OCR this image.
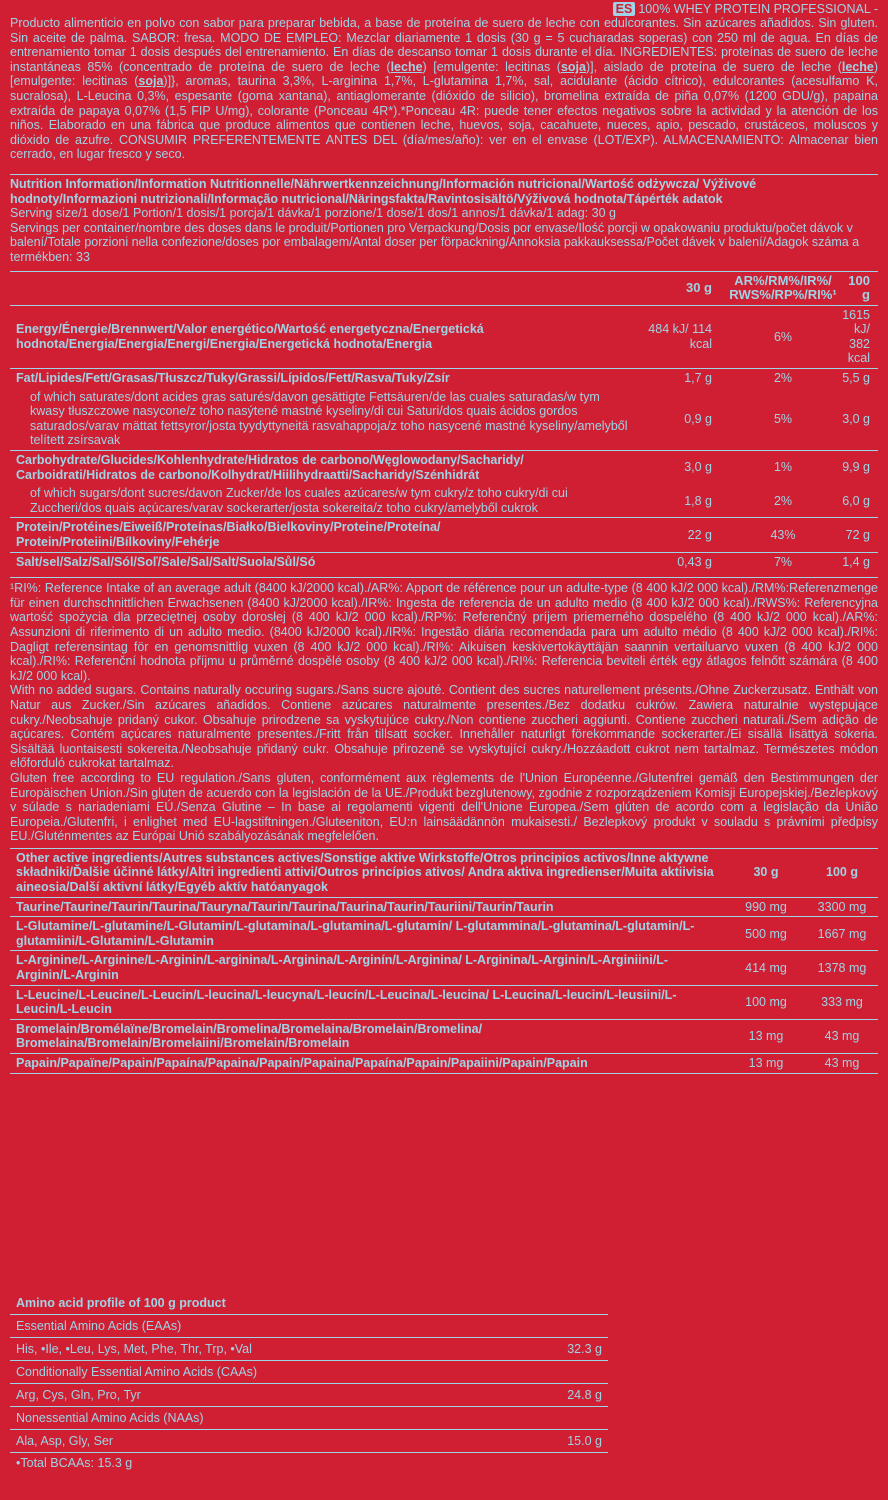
ES 100% WHEY PROTEIN PROFESSIONAL -
Producto alimenticio en polvo con sabor para preparar bebida, a base de proteína de suero de leche con edulcorantes. Sin azúcares añadidos. Sin gluten. Sin aceite de palma. SABOR: fresa. MODO DE EMPLEO: Mezclar diariamente 1 dosis (30 g = 5 cucharadas soperas) con 250 ml de agua. En días de entrenamiento tomar 1 dosis después del entrenamiento. En días de descanso tomar 1 dosis durante el día. INGREDIENTES: proteínas de suero de leche instantáneas 85% (concentrado de proteína de suero de leche (leche) [emulgente: lecitinas (soja)], aislado de proteína de suero de leche (leche) [emulgente: lecitinas (soja)]}, aromas, taurina 3,3%, L-arginina 1,7%, L-glutamina 1,7%, sal, acidulante (ácido cítrico), edulcorantes (acesulfamo K, sucralosa), L-Leucina 0,3%, espesante (goma xantana), antiaglomerante (dióxido de silicio), bromelina extraída de piña 0,07% (1200 GDU/g), papaina extraída de papaya 0,07% (1,5 FIP U/mg), colorante (Ponceau 4R*).*Ponceau 4R: puede tener efectos negativos sobre la actividad y la atención de los niños. Elaborado en una fábrica que produce alimentos que contienen leche, huevos, soja, cacahuete, nueces, apio, pescado, crustáceos, moluscos y dióxido de azufre. CONSUMIR PREFERENTEMENTE ANTES DEL (día/mes/año): ver en el envase (LOT/EXP). ALMACENAMIENTO: Almacenar bien cerrado, en lugar fresco y seco.
Nutrition Information/Information Nutritionnelle/Nährwertkennzeichnung/Información nutricional/Wartość odżywcza/ Výživové hodnoty/Informazioni nutrizionali/Informação nutricional/Näringsfakta/Ravintosisältö/Výživová hodnota/Tápérték adatok
Serving size/1 dose/1 Portion/1 dosis/1 porcja/1 dávka/1 porzione/1 dose/1 dos/1 annos/1 dávka/1 adag: 30 g
Servings per container/nombre des doses dans le produit/Portionen pro Verpackung/Dosis por envase/Ilość porcji w opakowaniu produktu/počet dávok v balení/Totale porzioni nella confezione/doses por embalagem/Antal doser per förpackning/Annoksia pakkauksessa/Počet dávek v balení/Adagok száma a termékben: 33
	30 g	AR%/RM%/IR%/ RWS%/RP%/RI%¹	100 g
Energy/Énergie/Brennwert/Valor energético/Wartość energetyczna/Energetická hodnota/Energia/Energia/Energi/Energia/Energetická hodnota/Energia	484 kJ/ 114 kcal	6%	1615 kJ/ 382 kcal
Fat/Lipides/Fett/Grasas/Tłuszcz/Tuky/Grassi/Lípidos/Fett/Rasva/Tuky/Zsír	1,7 g	2%	5,5 g
of which saturates/dont acides gras saturés/davon gesättigte Fettsäuren/de las cuales saturadas/w tym kwasy tłuszczowe nasycone/z toho nasýtené mastné kyseliny/di cui Saturi/dos quais ácidos gordos saturados/varav mättat fettsyror/josta tyydyttyneitä rasvahappoja/z toho nasycené mastné kyseliny/amelyből telített zsírsavak	0,9 g	5%	3,0 g
Carbohydrate/Glucides/Kohlenhydrate/Hidratos de carbono/Węglowodany/Sacharidy/ Carboidrati/Hidratos de carbono/Kolhydrat/Hiilihydraatti/Sacharidy/Szénhidrát	3,0 g	1%	9,9 g
of which sugars/dont sucres/davon Zucker/de los cuales azúcares/w tym cukry/z toho cukry/di cui Zuccheri/dos quais açúcares/varav sockerarter/josta sokereita/z toho cukry/amelyből cukrok	1,8 g	2%	6,0 g
Protein/Protéines/Eiweiß/Proteínas/Białko/Bielkoviny/Proteine/Proteína/ Protein/Proteiini/Bílkoviny/Fehérje	22 g	43%	72 g
Salt/sel/Salz/Sal/Sól/Soľ/Sale/Sal/Salt/Suola/Sůl/Só	0,43 g	7%	1,4 g
¹RI%: Reference Intake of an average adult (8400 kJ/2000 kcal)./AR%: Apport de référence pour un adulte-type (8 400 kJ/2 000 kcal)./RM%:Referenzmenge für einen durchschnittlichen Erwachsenen (8400 kJ/2000 kcal)./IR%: Ingesta de referencia de un adulto medio (8 400 kJ/2 000 kcal)./RWS%: Referencyjna wartość spożycia dla przeciętnej osoby dorosłej (8 400 kJ/2 000 kcal)./RP%: Referenčný príjem priemerného dospelého (8 400 kJ/2 000 kcal)./AR%: Assunzioni di riferimento di un adulto medio. (8400 kJ/2000 kcal)./IR%: Ingestão diária recomendada para um adulto médio (8 400 kJ/2 000 kcal)./RI%: Dagligt referensintag för en genomsnittlig vuxen (8 400 kJ/2 000 kcal)./RI%: Aikuisen keskivertokäyttäjän saannin vertailuarvo vuxen (8 400 kJ/2 000 kcal)./RI%: Referenční hodnota příjmu u průměrné dospělé osoby (8 400 kJ/2 000 kcal)./RI%: Referencia beviteli érték egy átlagos felnőtt számára (8 400 kJ/2 000 kcal).
With no added sugars. Contains naturally occuring sugars./Sans sucre ajouté. Contient des sucres naturellement présents./Ohne Zuckerzusatz. Enthält von Natur aus Zucker./Sin azúcares añadidos. Contiene azúcares naturalmente presentes./Bez dodatku cukrów. Zawiera naturalnie występujące cukry./Neobsahuje pridaný cukor. Obsahuje prirodzene sa vyskytujúce cukry./Non contiene zuccheri aggiunti. Contiene zuccheri naturali./Sem adição de açúcares. Contém açúcares naturalmente presentes./Fritt från tillsatt socker. Innehåller naturligt förekommande sockerarter./Ei sisällä lisättyä sokeria. Sisältää luontaisesti sokereita./Neobsahuje přidaný cukr. Obsahuje přirozeně se vyskytující cukry./Hozzáadott cukrot nem tartalmaz. Természetes módon előforduló cukrokat tartalmaz.
Gluten free according to EU regulation./Sans gluten, conformément aux règlements de l'Union Européenne./Glutenfrei gemäß den Bestimmungen der Europäischen Union./Sin gluten de acuerdo con la legislación de la UE./Produkt bezglutenowy, zgodnie z rozporządzeniem Komisji Europejskiej./Bezlepkový v súlade s nariadeniami EÚ./Senza Glutine – In base ai regolamenti vigenti dell'Unione Europea./Sem glúten de acordo com a legislação da União Europeia./Glutenfri, i enlighet med EU-lagstiftningen./Gluteeniton, EU:n lainsäädännön mukaisesti./ Bezlepkový produkt v souladu s právními předpisy EU./Gluténmentes az Európai Unió szabályozásának megfelelően.
Other active ingredients/Autres substances actives/Sonstige aktive Wirkstoffe/Otros principios activos/Inne aktywne składniki/Ďalšie účinné látky/Altri ingredienti attivi/Outros princípios ativos/ Andra aktiva ingredienser/Muita aktiivisia aineosia/Další aktivní látky/Egyéb aktív hatóanyagok	30 g	100 g
Taurine/Taurine/Taurin/Taurina/Tauryna/Taurin/Taurina/Taurina/Taurin/Tauriini/Taurin/Taurin	990 mg	3300 mg
L-Glutamine/L-glutamine/L-Glutamin/L-glutamina/L-glutamina/L-glutamín/ L-glutammina/L-glutamina/L-glutamin/L-glutamiini/L-Glutamin/L-Glutamin	500 mg	1667 mg
L-Arginine/L-Arginine/L-Arginin/L-arginina/L-Arginina/L-Arginín/L-Arginina/ L-Arginina/L-Arginin/L-Arginiini/L-Arginin/L-Arginin	414 mg	1378 mg
L-Leucine/L-Leucine/L-Leucin/L-leucina/L-leucyna/L-leucín/L-Leucina/L-leucina/ L-Leucina/L-leucin/L-leusiini/L-Leucin/L-Leucin	100 mg	333 mg
Bromelain/Bromélaïne/Bromelain/Bromelina/Bromelaina/Bromelain/Bromelina/ Bromelaina/Bromelain/Bromelaiini/Bromelain/Bromelain	13 mg	43 mg
Papain/Papaïne/Papain/Papaína/Papaina/Papain/Papaina/Papaína/Papain/Papaiini/Papain/Papain	13 mg	43 mg
Amino acid profile of 100 g product
Essential Amino Acids (EAAs)
His, •Ile, •Leu, Lys, Met, Phe, Thr, Trp, •Val	32.3 g
Conditionally Essential Amino Acids (CAAs)
Arg, Cys, Gln, Pro, Tyr	24.8 g
Nonessential Amino Acids (NAAs)
Ala, Asp, Gly, Ser	15.0 g
•Total BCAAs: 15.3 g
